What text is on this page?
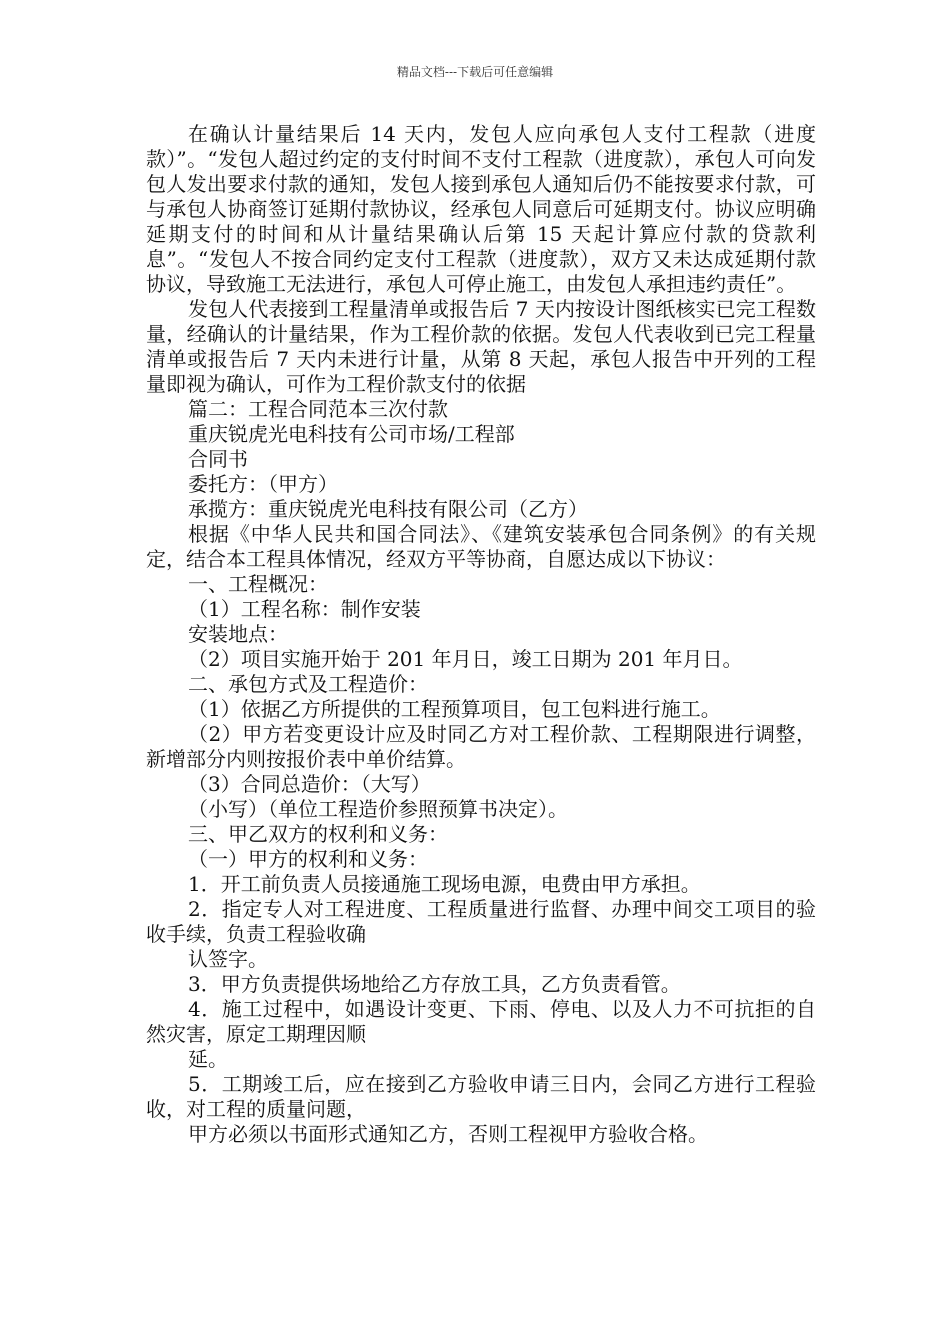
精品文档---下载后可任意编辑

在确认计量结果后 14 天内，发包人应向承包人支付工程款（进度款）”。“发包人超过约定的支付时间不支付工程款（进度款），承包人可向发包人发出要求付款的通知，发包人接到承包人通知后仍不能按要求付款，可与承包人协商签订延期付款协议，经承包人同意后可延期支付。协议应明确延期支付的时间和从计量结果确认后第 15 天起计算应付款的贷款利息”。“发包人不按合同约定支付工程款（进度款），双方又未达成延期付款协议，导致施工无法进行，承包人可停止施工，由发包人承担违约责任”。

发包人代表接到工程量清单或报告后 7 天内按设计图纸核实已完工程数量，经确认的计量结果，作为工程价款的依据。发包人代表收到已完工程量清单或报告后 7 天内未进行计量，从第 8 天起，承包人报告中开列的工程量即视为确认，可作为工程价款支付的依据

篇二：工程合同范本三次付款

重庆锐虎光电科技有公司市场/工程部

合同书

委托方：（甲方）

承揽方：重庆锐虎光电科技有限公司（乙方）

根据《中华人民共和国合同法》、《建筑安装承包合同条例》的有关规定，结合本工程具体情况，经双方平等协商，自愿达成以下协议：

一、工程概况：

（1）工程名称：制作安装

安装地点：

（2）项目实施开始于 201 年月日，竣工日期为 201 年月日。

二、承包方式及工程造价：

（1）依据乙方所提供的工程预算项目，包工包料进行施工。

（2）甲方若变更设计应及时同乙方对工程价款、工程期限进行调整，新增部分内则按报价表中单价结算。

（3）合同总造价：（大写）

（小写）（单位工程造价参照预算书决定）。

三、甲乙双方的权利和义务：

（一）甲方的权利和义务：

1．开工前负责人员接通施工现场电源，电费由甲方承担。

2．指定专人对工程进度、工程质量进行监督、办理中间交工项目的验收手续，负责工程验收确

认签字。

3．甲方负责提供场地给乙方存放工具，乙方负责看管。

4．施工过程中，如遇设计变更、下雨、停电、以及人力不可抗拒的自然灾害，原定工期理因顺

延。

5．工期竣工后，应在接到乙方验收申请三日内，会同乙方进行工程验收，对工程的质量问题，

甲方必须以书面形式通知乙方，否则工程视甲方验收合格。
